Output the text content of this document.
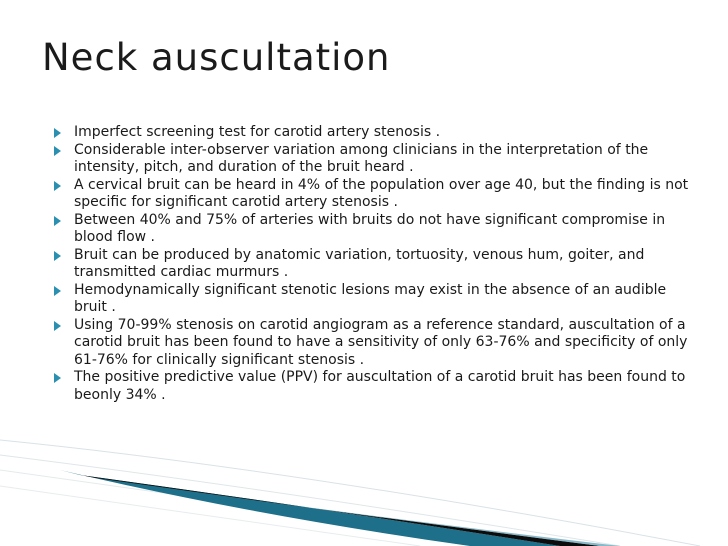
Neck auscultation
Imperfect screening test for carotid artery stenosis .
Considerable inter-observer variation among clinicians in the interpretation of the intensity, pitch, and duration of the bruit heard .
A cervical bruit can be heard in 4% of the population over age 40, but the finding is not specific for significant carotid artery stenosis .
Between 40% and 75% of arteries with bruits do not have significant compromise in blood flow .
Bruit can be produced by anatomic variation, tortuosity, venous hum, goiter, and transmitted cardiac murmurs .
Hemodynamically significant stenotic lesions may exist in the absence of an audible bruit .
Using 70-99% stenosis on carotid angiogram as a reference standard, auscultation of a carotid bruit has been found to have a sensitivity of only 63-76% and specificity of only 61-76% for clinically significant stenosis .
The positive predictive value (PPV) for auscultation of a carotid bruit has been found to beonly 34% .
